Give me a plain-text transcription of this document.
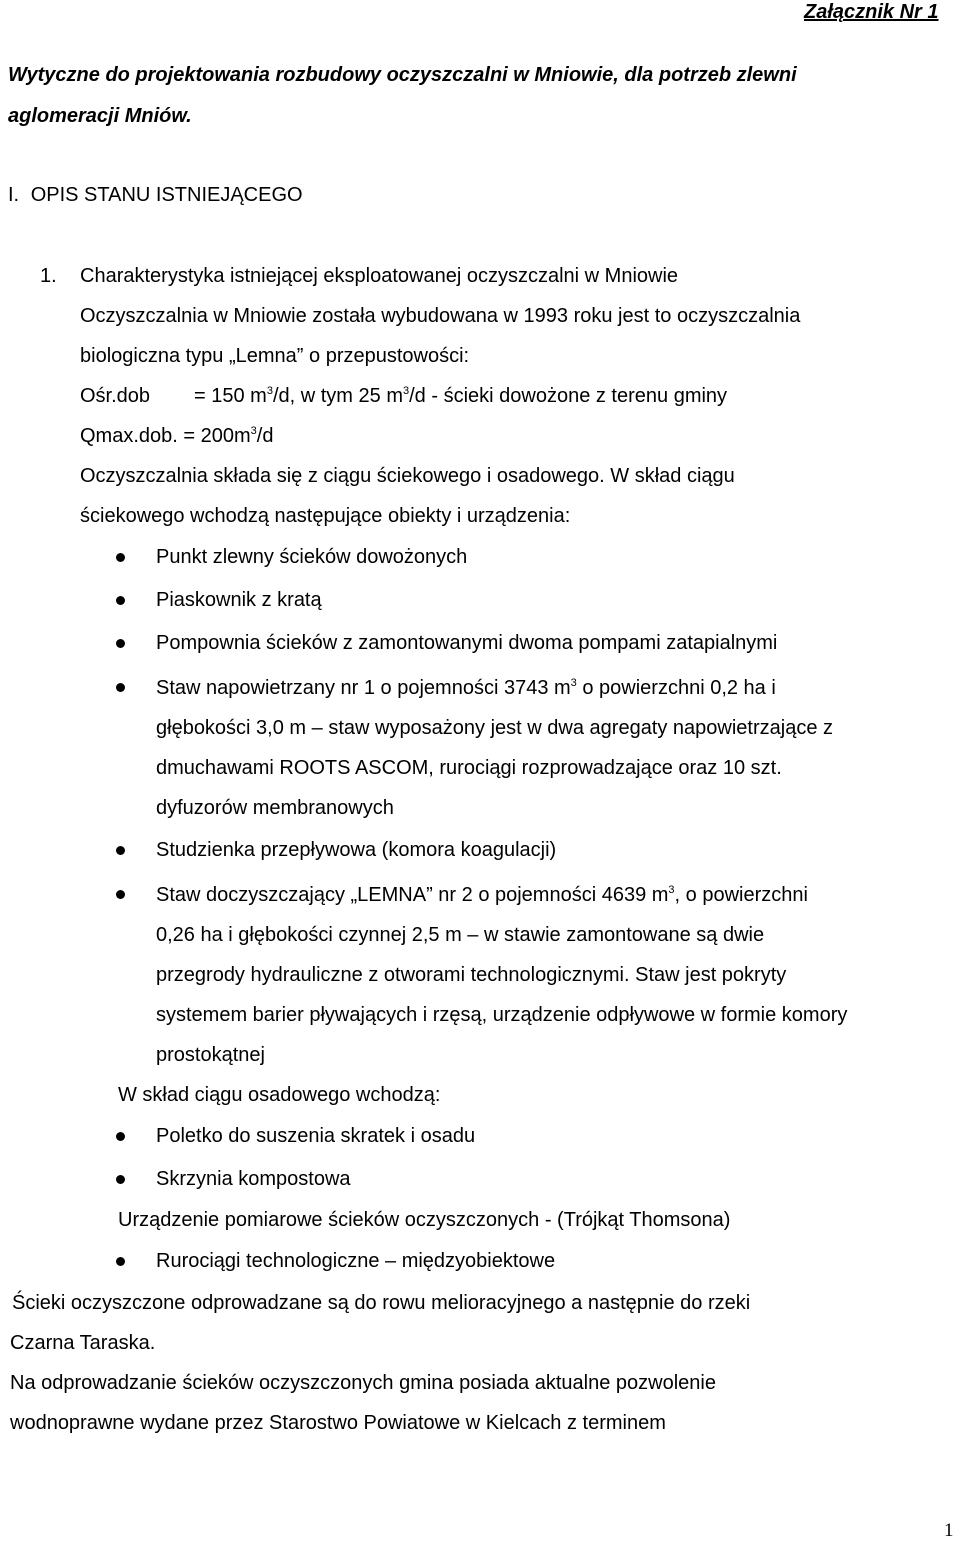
Załącznik Nr 1
Wytyczne do projektowania rozbudowy oczyszczalni w Mniowie, dla potrzeb zlewni
aglomeracji Mniów.
I. OPIS STANU ISTNIEJĄCEGO
1. Charakterystyka istniejącej eksploatowanej oczyszczalni w Mniowie
Oczyszczalnia w Mniowie została wybudowana w 1993 roku jest to oczyszczalnia
biologiczna typu „Lemna” o przepustowości:
Ośr.dob = 150 $m^3/d$, w tym 25 $m^3/d$ - ścieki dowożone z terenu gminy
Qmax.dob. = $200m^3/d$
Oczyszczalnia składa się z ciągu ściekowego i osadowego. W skład ciągu
ściekowego wchodzą następujące obiekty i urządzenia:
Punkt zlewny ścieków dowożonych
Piaskownik z kratą
Pompownia ścieków z zamontowanymi dwoma pompami zatapialnymi
Staw napowietrzany nr 1 o pojemności 3743 $m^3$ o powierzchni 0,2 ha i
głębokości 3,0 m – staw wyposażony jest w dwa agregaty napowietrzające z
dmuchawami ROOTS ASCOM, rurociągi rozprowadzające oraz 10 szt.
dyfuzorów membranowych
Studzienka przepływowa (komora koagulacji)
Staw doczyszczający „LEMNA” nr 2 o pojemności 4639 $m^3$, o powierzchni
0,26 ha i głębokości czynnej 2,5 m – w stawie zamontowane są dwie
przegrody hydrauliczne z otworami technologicznymi. Staw jest pokryty
systemem barier pływających i rzęsą, urządzenie odpływowe w formie komory
prostokątnej
W skład ciągu osadowego wchodzą:
Poletko do suszenia skratek i osadu
Skrzynia kompostowa
Urządzenie pomiarowe ścieków oczyszczonych - (Trójkąt Thomsona)
Rurociągi technologiczne – międzyobiektowe
Ścieki oczyszczone odprowadzane są do rowu melioracyjnego a następnie do rzeki
Czarna Taraska.
Na odprowadzanie ścieków oczyszczonych gmina posiada aktualne pozwolenie
wodnoprawne wydane przez Starostwo Powiatowe w Kielcach z terminem
1
